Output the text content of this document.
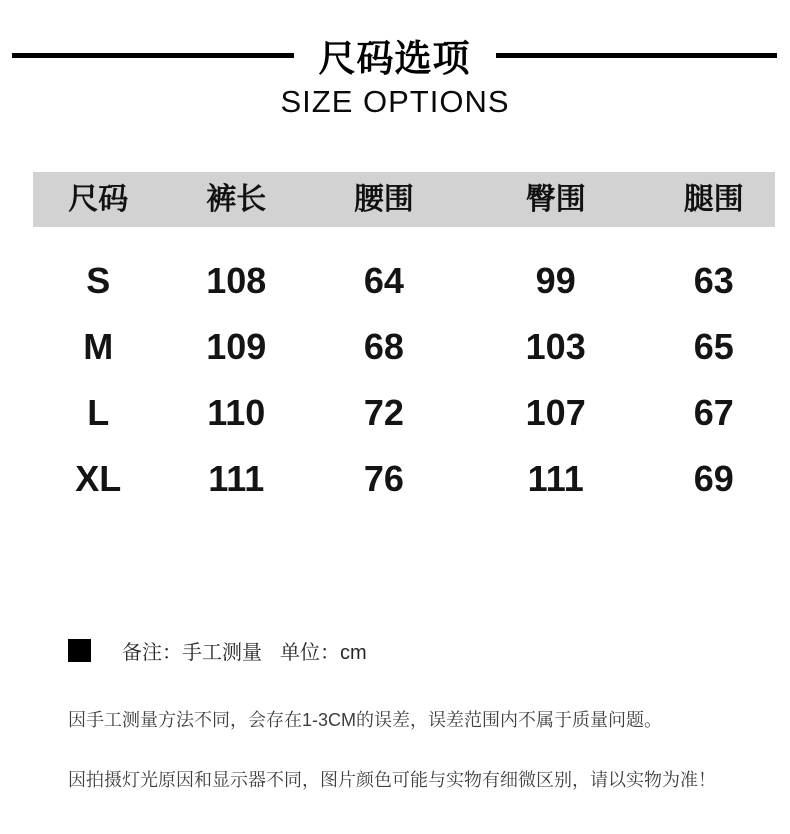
尺码选项
SIZE OPTIONS
尺码	裤长	腰围	臀围	腿围
S	108	64	99	63
M	109	68	103	65
L	110	72	107	67
XL	111	76	111	69
备注：手工测量 单位：cm
因手工测量方法不同，会存在1-3CM的误差，误差范围内不属于质量问题。
因拍摄灯光原因和显示器不同，图片颜色可能与实物有细微区别，请以实物为准！
